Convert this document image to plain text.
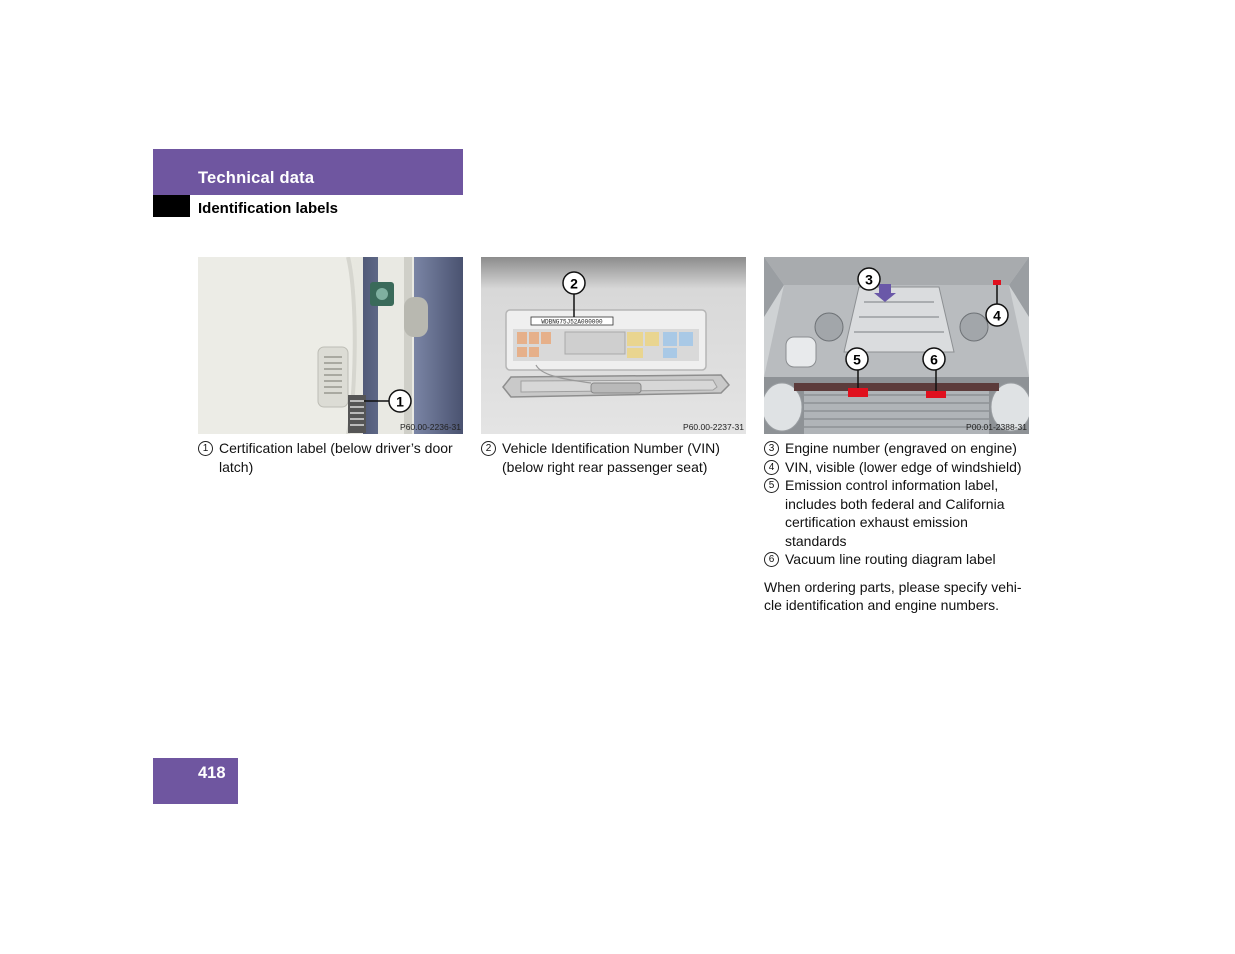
Technical data
Identification labels
1
P60.00-2236-31
WDBNG75J52A000000
2
P60.00-2237-31
3
4
5	6
P00.01-2388-31
1 Certification label (below driver’s door latch)
2 Vehicle Identification Number (VIN) (below right rear passenger seat)
3 Engine number (engraved on engine)
4 VIN, visible (lower edge of windshield)
5 Emission control information label, includes both federal and California certification exhaust emission standards
6 Vacuum line routing diagram label
When ordering parts, please specify vehi-cle identification and engine numbers.
418
